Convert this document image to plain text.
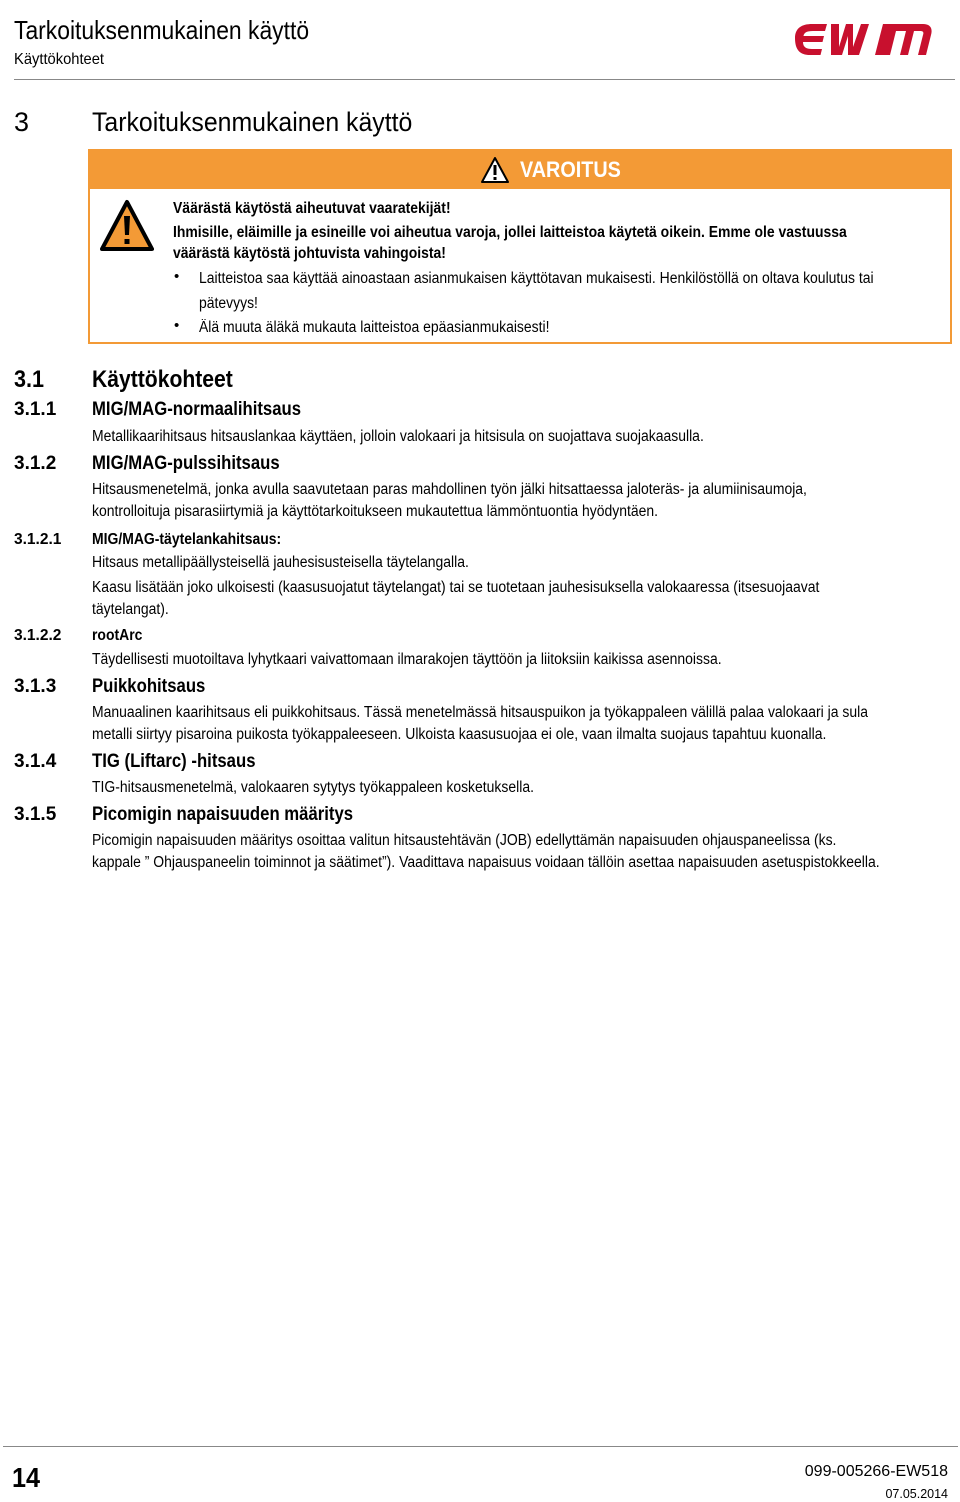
Tarkoituksenmukainen käyttö
Käyttökohteet
3 Tarkoituksenmukainen käyttö
VAROITUS
Väärästä käytöstä aiheutuvat vaaratekijät!
Ihmisille, eläimille ja esineille voi aiheutua varoja, jollei laitteistoa käytetä oikein. Emme ole vastuussa
väärästä käytöstä johtuvista vahingoista!
• Laitteistoa saa käyttää ainoastaan asianmukaisen käyttötavan mukaisesti. Henkilöstöllä on oltava koulutus tai
pätevyys!
• Älä muuta äläkä mukauta laitteistoa epäasianmukaisesti!
3.1 Käyttökohteet
3.1.1 MIG/MAG-normaalihitsaus
Metallikaarihitsaus hitsauslankaa käyttäen, jolloin valokaari ja hitsisula on suojattava suojakaasulla.
3.1.2 MIG/MAG-pulssihitsaus
Hitsausmenetelmä, jonka avulla saavutetaan paras mahdollinen työn jälki hitsattaessa jaloteräs- ja alumiinisaumoja,
kontrolloituja pisarasiirtymiä ja käyttötarkoitukseen mukautettua lämmöntuontia hyödyntäen.
3.1.2.1 MIG/MAG-täytelankahitsaus:
Hitsaus metallipäällysteisellä jauhesisusteisella täytelangalla.
Kaasu lisätään joko ulkoisesti (kaasusuojatut täytelangat) tai se tuotetaan jauhesisuksella valokaaressa (itsesuojaavat
täytelangat).
3.1.2.2 rootArc
Täydellisesti muotoiltava lyhytkaari vaivattomaan ilmarakojen täyttöön ja liitoksiin kaikissa asennoissa.
3.1.3 Puikkohitsaus
Manuaalinen kaarihitsaus eli puikkohitsaus. Tässä menetelmässä hitsauspuikon ja työkappaleen välillä palaa valokaari ja sula
metalli siirtyy pisaroina puikosta työkappaleeseen. Ulkoista kaasusuojaa ei ole, vaan ilmalta suojaus tapahtuu kuonalla.
3.1.4 TIG (Liftarc) -hitsaus
TIG-hitsausmenetelmä, valokaaren sytytys työkappaleen kosketuksella.
3.1.5 Picomigin napaisuuden määritys
Picomigin napaisuuden määritys osoittaa valitun hitsaustehtävän (JOB) edellyttämän napaisuuden ohjauspaneelissa (ks.
kappale ” Ohjauspaneelin toiminnot ja säätimet”). Vaadittava napaisuus voidaan tällöin asettaa napaisuuden asetuspistokkeella.
14	099-005266-EW518
07.05.2014
